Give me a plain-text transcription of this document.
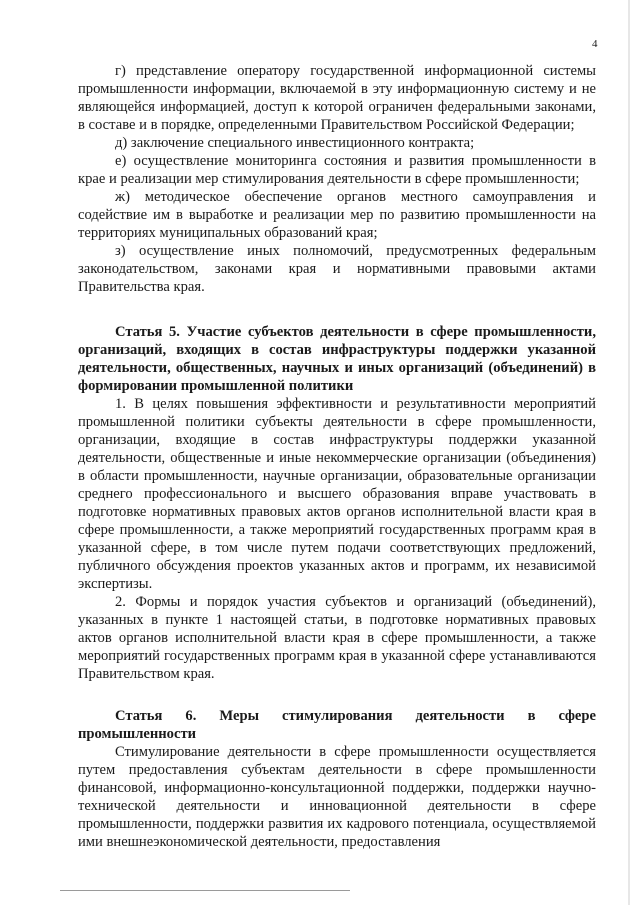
4

г) представление оператору государственной информационной системы промышленности информации, включаемой в эту информационную систему и не являющейся информацией, доступ к которой ограничен федеральными законами, в составе и в порядке, определенными Правительством Российской Федерации;

д) заключение специального инвестиционного контракта;

е) осуществление мониторинга состояния и развития промышленности в крае и реализации мер стимулирования деятельности в сфере промышленности;

ж) методическое обеспечение органов местного самоуправления и содействие им в выработке и реализации мер по развитию промышленности на территориях муниципальных образований края;

з) осуществление иных полномочий, предусмотренных федеральным законодательством, законами края и нормативными правовыми актами Правительства края.

Статья 5. Участие субъектов деятельности в сфере промышленности, организаций, входящих в состав инфраструктуры поддержки указанной деятельности, общественных, научных и иных организаций (объединений) в формировании промышленной политики

1. В целях повышения эффективности и результативности мероприятий промышленной политики субъекты деятельности в сфере промышленности, организации, входящие в состав инфраструктуры поддержки указанной деятельности, общественные и иные некоммерческие организации (объединения) в области промышленности, научные организации, образовательные организации среднего профессионального и высшего образования вправе участвовать в подготовке нормативных правовых актов органов исполнительной власти края в сфере промышленности, а также мероприятий государственных программ края в указанной сфере, в том числе путем подачи соответствующих предложений, публичного обсуждения проектов указанных актов и программ, их независимой экспертизы.

2. Формы и порядок участия субъектов и организаций (объединений), указанных в пункте 1 настоящей статьи, в подготовке нормативных правовых актов органов исполнительной власти края в сфере промышленности, а также мероприятий государственных программ края в указанной сфере устанавливаются Правительством края.

Статья 6. Меры стимулирования деятельности в сфере промышленности

Стимулирование деятельности в сфере промышленности осуществляется путем предоставления субъектам деятельности в сфере промышленности финансовой, информационно-консультационной поддержки, поддержки научно-технической деятельности и инновационной деятельности в сфере промышленности, поддержки развития их кадрового потенциала, осуществляемой ими внешнеэкономической деятельности, предоставления
